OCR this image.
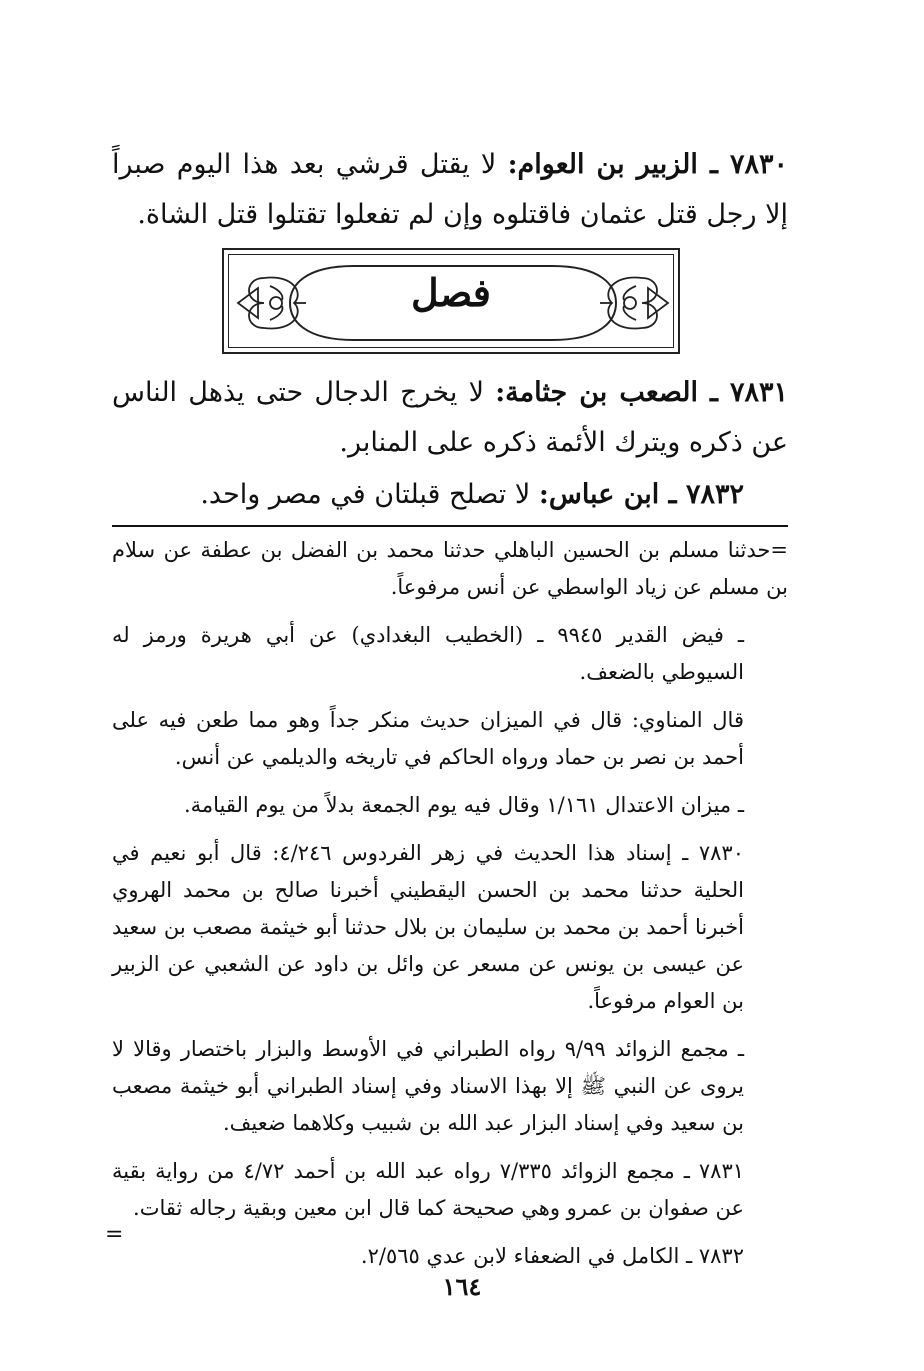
٧٨٣٠ ـ الزبير بن العوام: لا يقتل قرشي بعد هذا اليوم صبراً إلا رجل قتل عثمان فاقتلوه وإن لم تفعلوا تقتلوا قتل الشاة.

فصل

٧٨٣١ ـ الصعب بن جثامة: لا يخرج الدجال حتى يذهل الناس عن ذكره ويترك الأئمة ذكره على المنابر.

٧٨٣٢ ـ ابن عباس: لا تصلح قبلتان في مصر واحد.

=حدثنا مسلم بن الحسين الباهلي حدثنا محمد بن الفضل بن عطفة عن سلام بن مسلم عن زياد الواسطي عن أنس مرفوعاً.

ـ فيض القدير ٩٩٤٥ ـ (الخطيب البغدادي) عن أبي هريرة ورمز له السيوطي بالضعف.

قال المناوي: قال في الميزان حديث منكر جداً وهو مما طعن فيه على أحمد بن نصر بن حماد ورواه الحاكم في تاريخه والديلمي عن أنس.

ـ ميزان الاعتدال ١/١٦١ وقال فيه يوم الجمعة بدلاً من يوم القيامة.

٧٨٣٠ ـ إسناد هذا الحديث في زهر الفردوس ٤/٢٤٦: قال أبو نعيم في الحلية حدثنا محمد بن الحسن اليقطيني أخبرنا صالح بن محمد الهروي أخبرنا أحمد بن محمد بن سليمان بن بلال حدثنا أبو خيثمة مصعب بن سعيد عن عيسى بن يونس عن مسعر عن وائل بن داود عن الشعبي عن الزبير بن العوام مرفوعاً.

ـ مجمع الزوائد ٩/٩٩ رواه الطبراني في الأوسط والبزار باختصار وقالا لا يروى عن النبي ﷺ إلا بهذا الاسناد وفي إسناد الطبراني أبو خيثمة مصعب بن سعيد وفي إسناد البزار عبد الله بن شبيب وكلاهما ضعيف.

٧٨٣١ ـ مجمع الزوائد ٧/٣٣٥ رواه عبد الله بن أحمد ٤/٧٢ من رواية بقية عن صفوان بن عمرو وهي صحيحة كما قال ابن معين وبقية رجاله ثقات.

٧٨٣٢ ـ الكامل في الضعفاء لابن عدي ٢/٥٦٥.

=
١٦٤
